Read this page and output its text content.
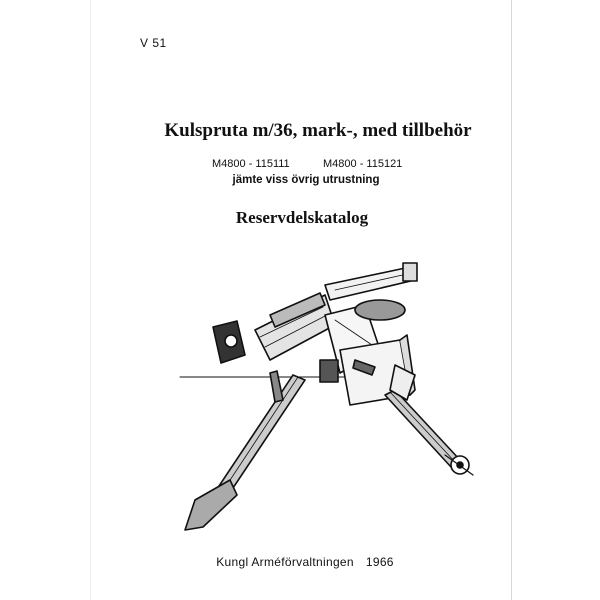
V 51
Kulspruta m/36, mark-, med tillbehör
M4800 - 115111	M4800 - 115121
jämte viss övrig utrustning
Reservdelskatalog
Kungl Arméförvaltningen 1966
